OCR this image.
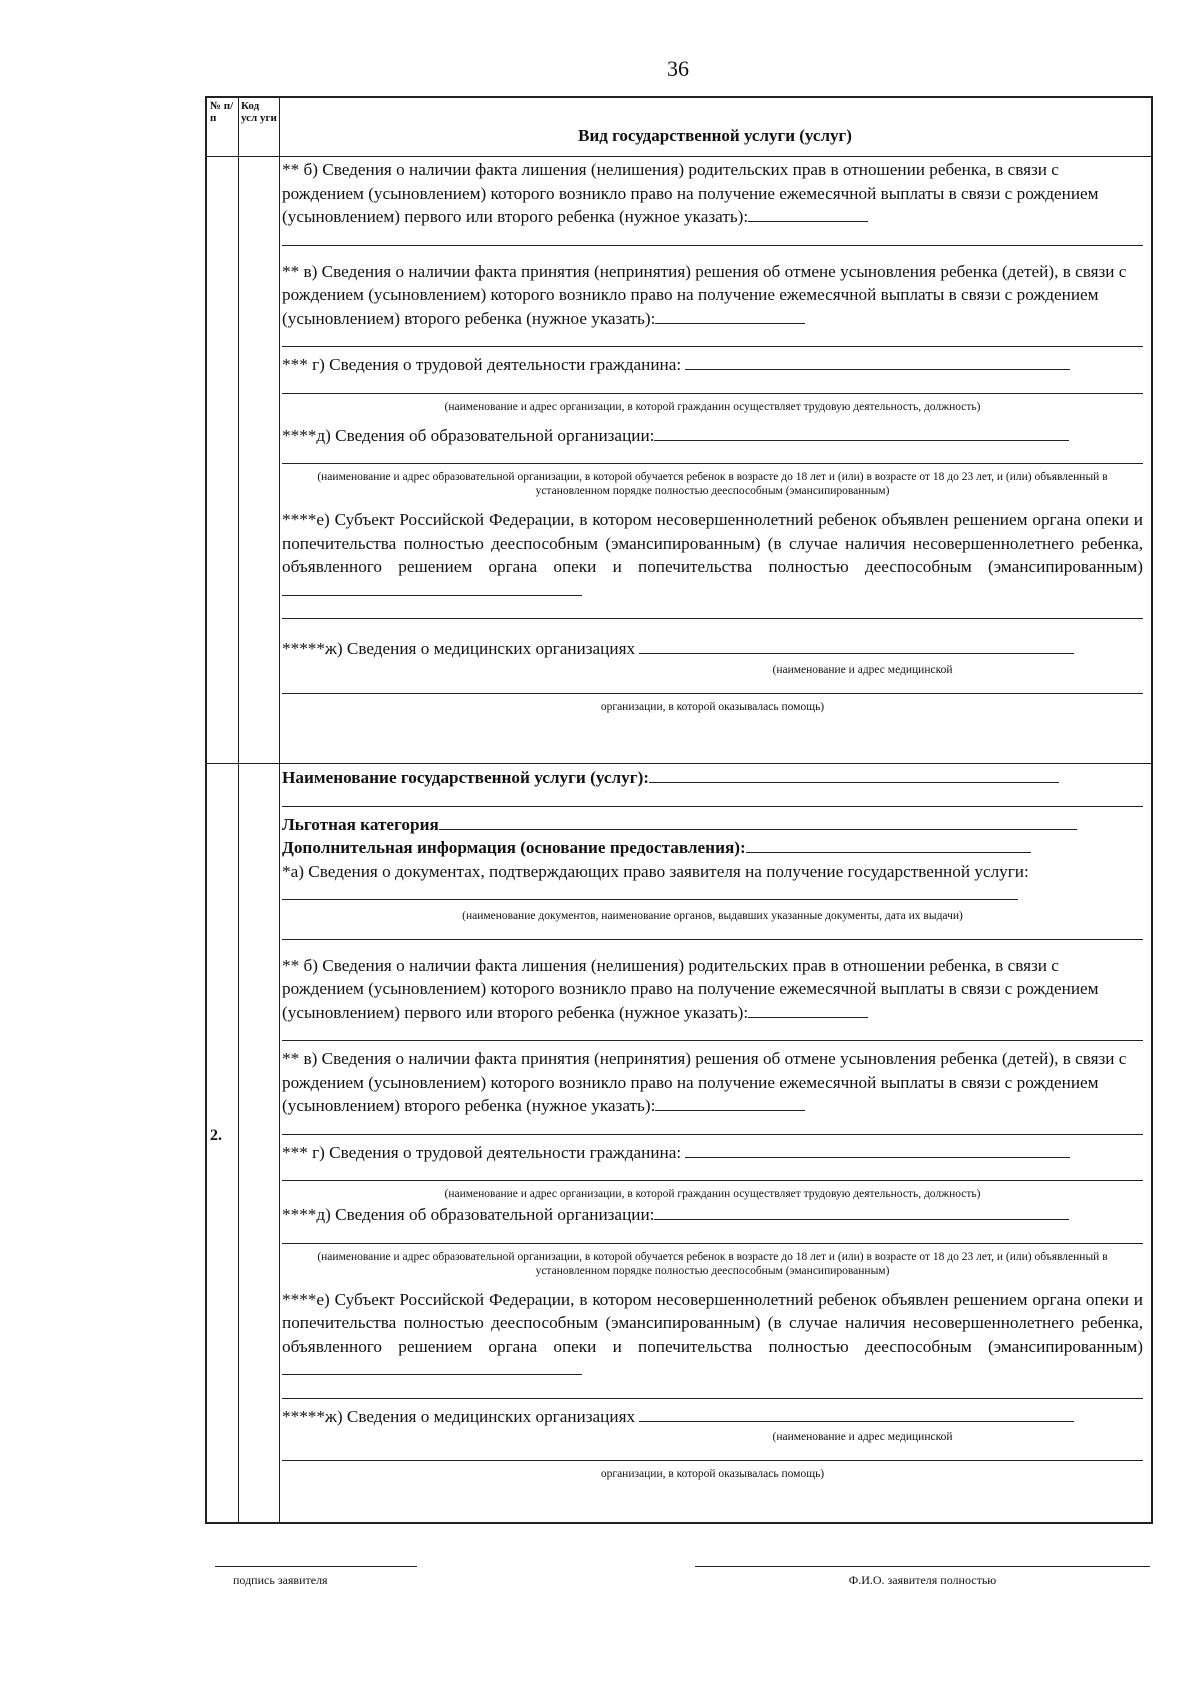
36
№ п/ п
Код усл уги
Вид государственной услуги (услуг)

** б) Сведения о наличии факта лишения (нелишения) родительских прав в отношении ребенка, в связи с рождением (усыновлением) которого возникло право на получение ежемесячной выплаты в связи с рождением (усыновлением) первого или второго ребенка (нужное указать):

** в) Сведения о наличии факта принятия (непринятия) решения об отмене усыновления ребенка (детей), в связи с рождением (усыновлением) которого возникло право на получение ежемесячной выплаты в связи с рождением (усыновлением) второго ребенка (нужное указать):

*** г) Сведения о трудовой деятельности гражданина:

(наименование и адрес организации, в которой гражданин осуществляет трудовую деятельность, должность)

****д) Сведения об образовательной организации:

(наименование и адрес образовательной организации, в которой обучается ребенок в возрасте до 18 лет и (или) в возрасте от 18 до 23 лет, и (или) объявленный в установленном порядке полностью дееспособным (эмансипированным)

****е) Субъект Российской Федерации, в котором несовершеннолетний ребенок объявлен решением органа опеки и попечительства полностью дееспособным (эмансипированным) (в случае наличия несовершеннолетнего ребенка, объявленного решением органа опеки и попечительства полностью дееспособным (эмансипированным)

*****ж) Сведения о медицинских организациях

(наименование и адрес медицинской
организации, в которой оказывалась помощь)
2.

Наименование государственной услуги (услуг):

Льготная категория

Дополнительная информация (основание предоставления):

*а) Сведения о документах, подтверждающих право заявителя на получение государственной услуги:

(наименование документов, наименование органов, выдавших указанные документы, дата их выдачи)

** б) Сведения о наличии факта лишения (нелишения) родительских прав в отношении ребенка, в связи с рождением (усыновлением) которого возникло право на получение ежемесячной выплаты в связи с рождением (усыновлением) первого или второго ребенка (нужное указать):

** в) Сведения о наличии факта принятия (непринятия) решения об отмене усыновления ребенка (детей), в связи с рождением (усыновлением) которого возникло право на получение ежемесячной выплаты в связи с рождением (усыновлением) второго ребенка (нужное указать):

*** г) Сведения о трудовой деятельности гражданина:

(наименование и адрес организации, в которой гражданин осуществляет трудовую деятельность, должность)

****д) Сведения об образовательной организации:

(наименование и адрес образовательной организации, в которой обучается ребенок в возрасте до 18 лет и (или) в возрасте от 18 до 23 лет, и (или) объявленный в установленном порядке полностью дееспособным (эмансипированным)

****е) Субъект Российской Федерации, в котором несовершеннолетний ребенок объявлен решением органа опеки и попечительства полностью дееспособным (эмансипированным) (в случае наличия несовершеннолетнего ребенка, объявленного решением органа опеки и попечительства полностью дееспособным (эмансипированным)

*****ж) Сведения о медицинских организациях

(наименование и адрес медицинской
организации, в которой оказывалась помощь)
подпись заявителя	Ф.И.О. заявителя полностью
